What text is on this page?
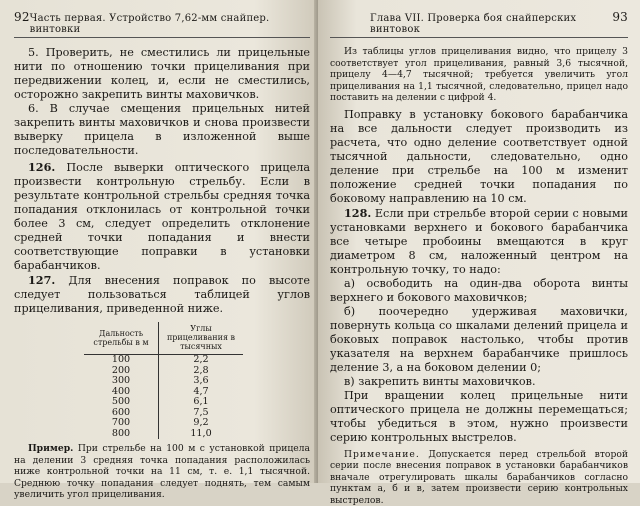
92 Часть первая. Устройство 7,62-мм снайпер. винтовки

5. Проверить, не сместились ли прицельные нити по отношению точки прицеливания при передвижении колец, и, если не сместились, осторожно закрепить винты маховичков.

6. В случае смещения прицельных нитей закрепить винты маховичков и снова произвести выверку прицела в изложенной выше последовательности.

126. После выверки оптического прицела произвести контрольную стрельбу. Если в результате контрольной стрельбы средняя точка попадания отклонилась от контрольной точки более 3 см, следует определить отклонение средней точки попадания и внести соответствующие поправки в установки барабанчиков.

127. Для внесения поправок по высоте следует пользоваться таблицей углов прицеливания, приведенной ниже.

Дальность стрельбы в м	Углы прицеливания в тысячных
100	2,2
200	2,8
300	3,6
400	4,7
500	6,1
600	7,5
700	9,2
800	11,0

Пример. При стрельбе на 100 м с установкой прицела на делении 3 средняя точка попадания расположилась ниже контрольной точки на 11 см, т. е. 1,1 тысячной. Среднюю точку попадания следует поднять, тем самым увеличить угол прицеливания.

Глава VII. Проверка боя снайперских винтовок
93

Из таблицы углов прицеливания видно, что прицелу 3 соответствует угол прицеливания, равный 3,6 тысячной, прицелу 4—4,7 тысячной; требуется увеличить угол прицеливания на 1,1 тысячной, следовательно, прицел надо поставить на делении с цифрой 4.

Поправку в установку бокового барабанчика на все дальности следует производить из расчета, что одно деление соответствует одной тысячной дальности, следовательно, одно деление при стрельбе на 100 м изменит положение средней точки попадания по боковому направлению на 10 см.

128. Если при стрельбе второй серии с новыми установками верхнего и бокового барабанчика все четыре пробоины вмещаются в круг диаметром 8 см, наложенный центром на контрольную точку, то надо:

а) освободить на один-два оборота винты верхнего и бокового маховичков;

б) поочередно удерживая маховички, повернуть кольца со шкалами делений прицела и боковых поправок настолько, чтобы против указателя на верхнем барабанчике пришлось деление 3, а на боковом делении 0;

в) закрепить винты маховичков.

При вращении колец прицельные нити оптического прицела не должны перемещаться; чтобы убедиться в этом, нужно произвести серию контрольных выстрелов.

Примечание. Допускается перед стрельбой второй серии после внесения поправок в установки барабанчиков вначале отрегулировать шкалы барабанчиков согласно пунктам а, б и в, затем произвести серию контрольных выстрелов.
